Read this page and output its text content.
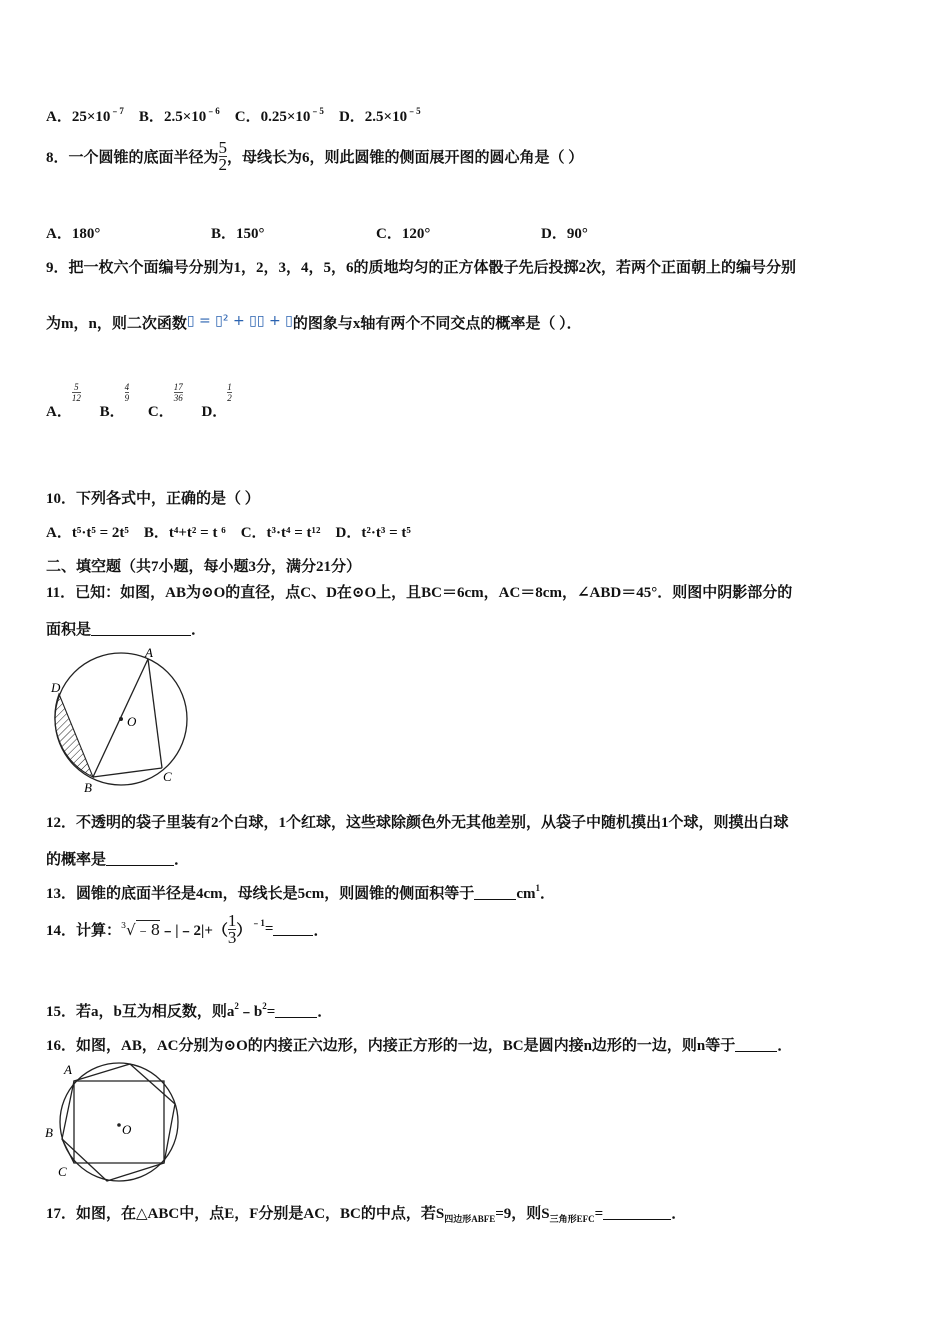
A．$25\times 10^{﹣7}$ B．$2.5\times 10^{﹣6}$ C．$0.25\times 10^{﹣5}$ D．$2.5\times 10^{﹣5}$
8．一个圆锥的底面半径为 $\frac{5}{2}$ ，母线长为6，则此圆锥的侧面展开图的圆心角是（ ）
A．180°	B．150°	C．120°	D．90°
9．把一枚六个面编号分别为1，2，3，4，5，6的质地均匀的正方体骰子先后投掷2次，若两个正面朝上的编号分别
为m，n，则二次函数▯ = ▯² + ▯▯ + ▯的图象与x轴有两个不同交点的概率是（ ）．
A．
$\frac{5}{12}$
B．
$\frac{4}{9}$
C．
$\frac{17}{36}$
D．
$\frac{1}{2}$
10．下列各式中，正确的是（ ）
A．t⁵·t⁵ = 2t⁵ B．t⁴+t² = t ⁶ C．t³·t⁴ = t¹² D．t²·t³ = t⁵
二、填空题（共7小题，每小题3分，满分21分）
11．已知：如图，AB为⊙O的直径，点C、D在⊙O上，且BC＝6cm，AC＝8cm，∠ABD＝45°．则图中阴影部分的
面积是	．
A
D
O
B
C
12．不透明的袋子里装有2个白球，1个红球，这些球除颜色外无其他差别，从袋子中随机摸出1个球，则摸出白球
的概率是	．
13．圆锥的底面半径是4cm，母线长是5cm，则圆锥的侧面积等于	$cm^1$．
14．计算：$^3$√﹣8﹣|﹣2|+（ $\frac{1}{3} )^{﹣1}=$	．
15．若a，b互为相反数，则$a^2﹣b^2=$	．
16．如图，AB，AC分别为⊙O的内接正六边形，内接正方形的一边，BC是圆内接n边形的一边，则n等于	．
A
B
C
O
17．如图，在△ABC中，点E，F分别是AC，BC的中点，若$S_{四边形ABFE}=9$，则$S_{三角形EFC}=$	．
